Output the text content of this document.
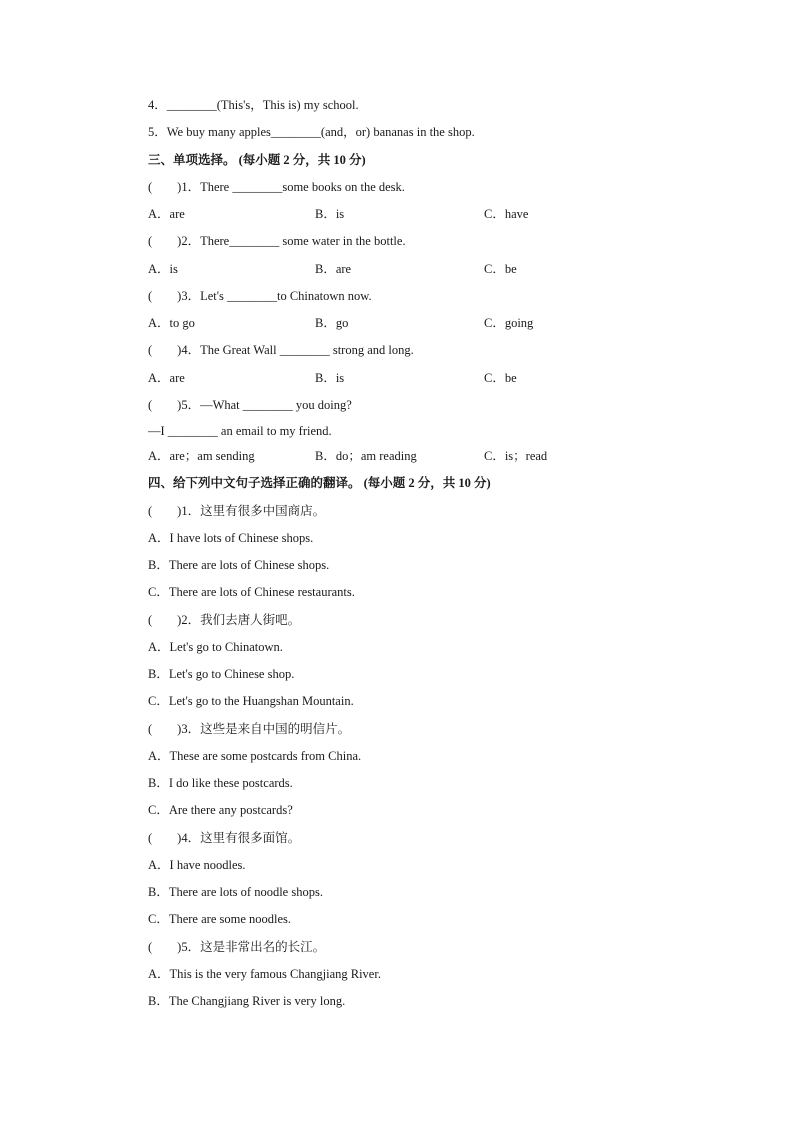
4．________(This's，This is) my school.
5．We buy many apples________(and，or) bananas in the shop.
三、单项选择。 (每小题 2 分，共 10 分)
(　　)1．There ________some books on the desk.
A．are	B．is	C．have
(　　)2．There________ some water in the bottle.
A．is	B．are	C．be
(　　)3．Let's ________to Chinatown now.
A．to go	B．go	C．going
(　　)4．The Great Wall ________ strong and long.
A．are	B．is	C．be
(　　)5．—What ________ you doing?
—I ________ an email to my friend.
A．are；am sending	B．do；am reading	C．is；read
四、给下列中文句子选择正确的翻译。 (每小题 2 分，共 10 分)
(　　)1．这里有很多中国商店。
A．I have lots of Chinese shops.
B．There are lots of Chinese shops.
C．There are lots of Chinese restaurants.
(　　)2．我们去唐人街吧。
A．Let's go to Chinatown.
B．Let's go to Chinese shop.
C．Let's go to the Huangshan Mountain.
(　　)3．这些是来自中国的明信片。
A．These are some postcards from China.
B．I do like these postcards.
C．Are there any postcards?
(　　)4．这里有很多面馆。
A．I have noodles.
B．There are lots of noodle shops.
C．There are some noodles.
(　　)5．这是非常出名的长江。
A．This is the very famous Changjiang River.
B．The Changjiang River is very long.
